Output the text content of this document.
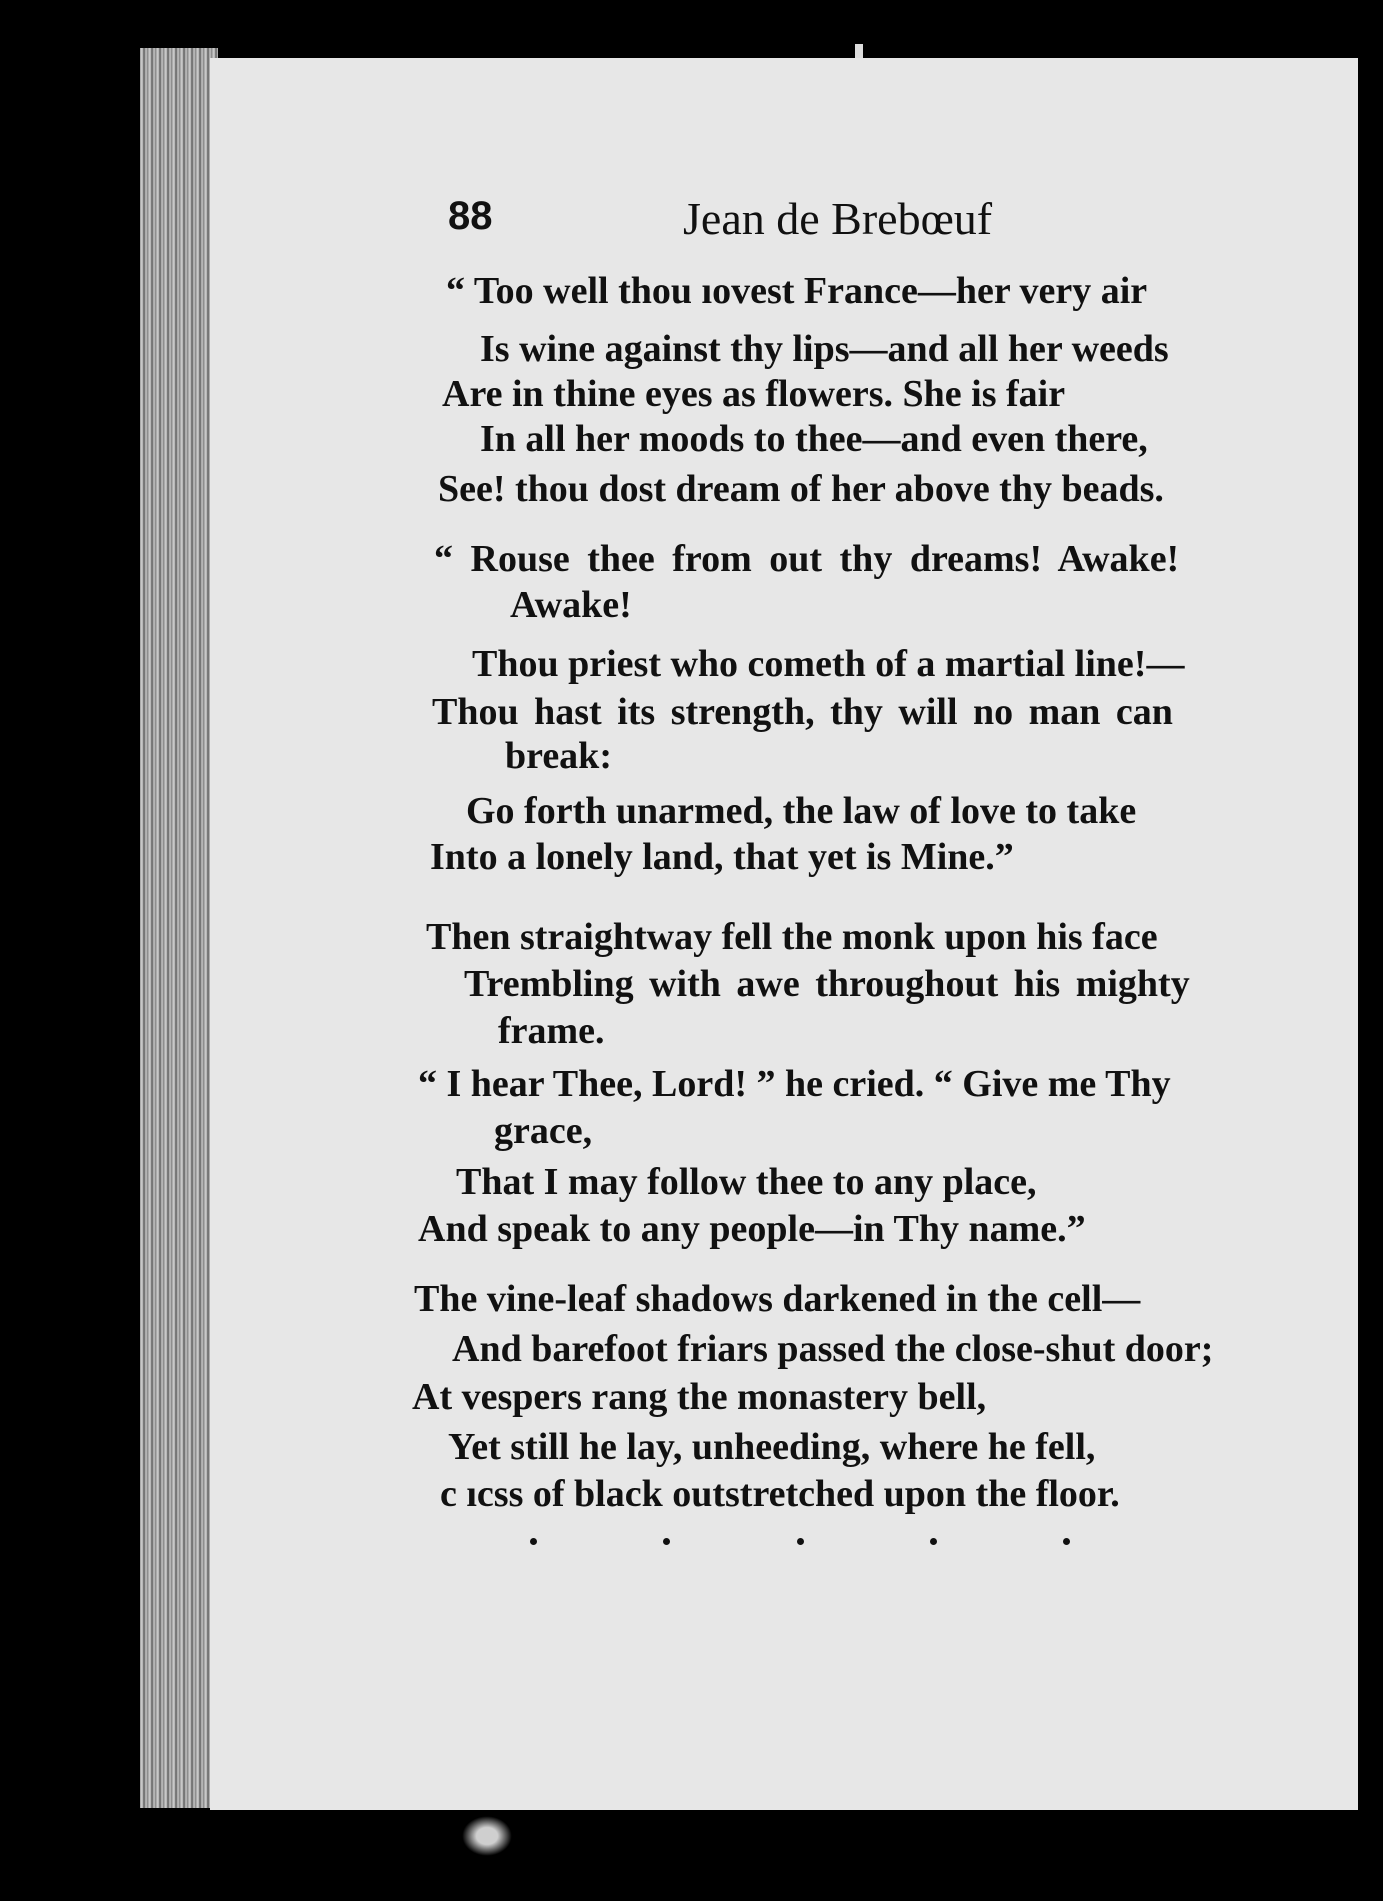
88	Jean de Brebœuf
“ Too well thou ıovest France—her very air
Is wine against thy lips—and all her weeds
Are in thine eyes as flowers. She is fair
In all her moods to thee—and even there,
See! thou dost dream of her above thy beads.
“ Rouse thee from out thy dreams! Awake!
Awake!
Thou priest who cometh of a martial line!—
Thou hast its strength, thy will no man can
break:
Go forth unarmed, the law of love to take
Into a lonely land, that yet is Mine.”
Then straightway fell the monk upon his face
Trembling with awe throughout his mighty
frame.
“ I hear Thee, Lord! ” he cried. “ Give me Thy
grace,
That I may follow thee to any place,
And speak to any people—in Thy name.”
The vine-leaf shadows darkened in the cell—
And barefoot friars passed the close-shut door;
At vespers rang the monastery bell,
Yet still he lay, unheeding, where he fell,
c ıcss of black outstretched upon the floor.
